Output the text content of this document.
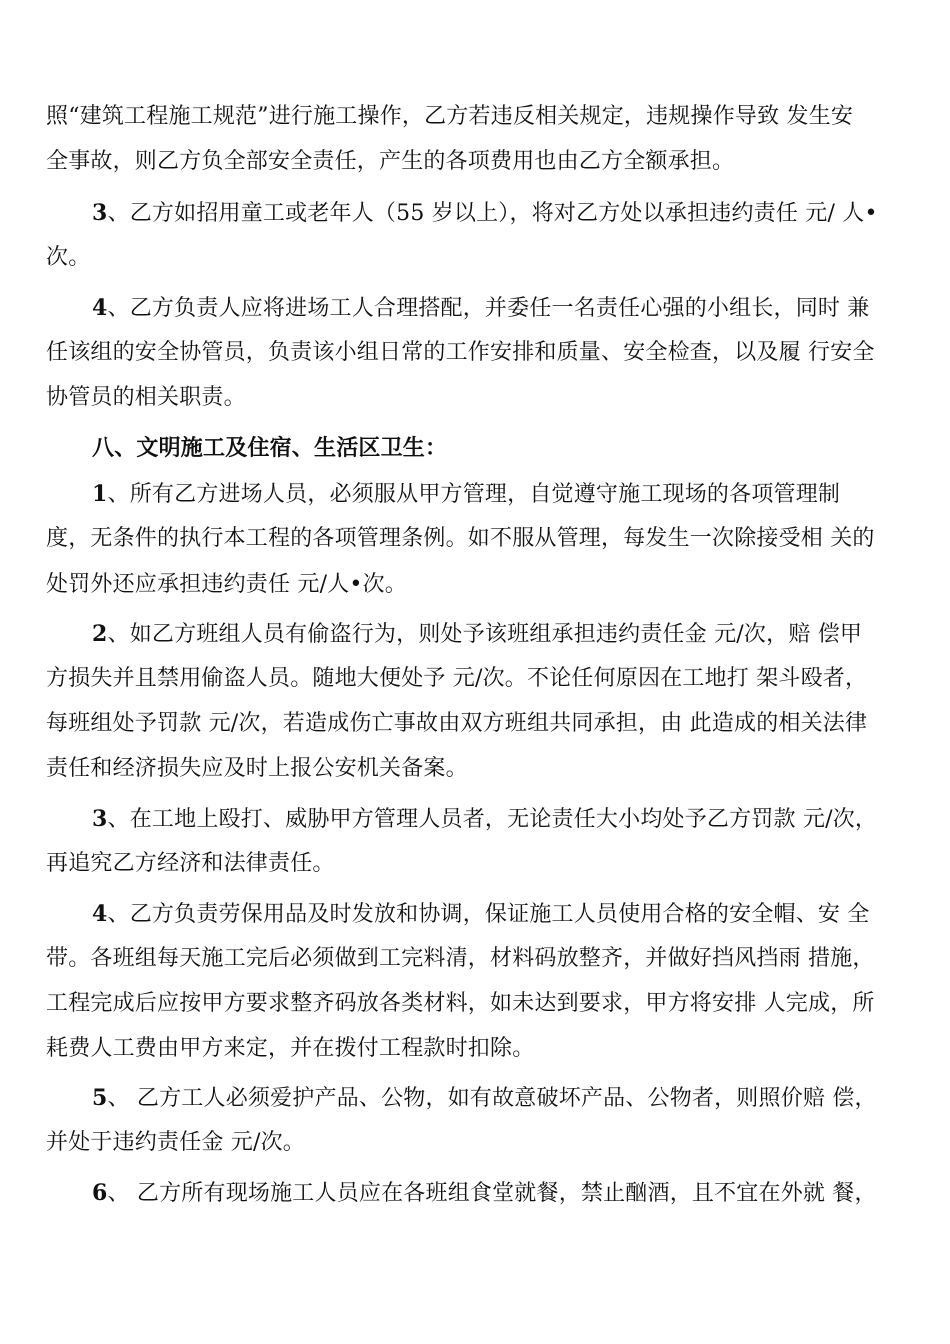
照“建筑工程施工规范”进行施工操作，乙方若违反相关规定，违规操作导致 发生安
全事故，则乙方负全部安全责任，产生的各项费用也由乙方全额承担。
3、乙方如招用童工或老年人（55 岁以上），将对乙方处以承担违约责任 元/ 人•
次。
4、乙方负责人应将进场工人合理搭配，并委任一名责任心强的小组长，同时 兼
任该组的安全协管员，负责该小组日常的工作安排和质量、安全检查，以及履 行安全
协管员的相关职责。
八、文明施工及住宿、生活区卫生：
1、所有乙方进场人员，必须服从甲方管理，自觉遵守施工现场的各项管理制
度，无条件的执行本工程的各项管理条例。如不服从管理，每发生一次除接受相 关的
处罚外还应承担违约责任 元/人•次。
2、如乙方班组人员有偷盗行为，则处予该班组承担违约责任金 元/次，赔 偿甲
方损失并且禁用偷盗人员。随地大便处予 元/次。不论任何原因在工地打 架斗殴者，
每班组处予罚款 元/次，若造成伤亡事故由双方班组共同承担，由 此造成的相关法律
责任和经济损失应及时上报公安机关备案。
3、在工地上殴打、威胁甲方管理人员者，无论责任大小均处予乙方罚款 元/次，
再追究乙方经济和法律责任。
4、乙方负责劳保用品及时发放和协调，保证施工人员使用合格的安全帽、安 全
带。各班组每天施工完后必须做到工完料清，材料码放整齐，并做好挡风挡雨 措施，
工程完成后应按甲方要求整齐码放各类材料，如未达到要求，甲方将安排 人完成，所
耗费人工费由甲方来定，并在拨付工程款时扣除。
5、 乙方工人必须爱护产品、公物，如有故意破坏产品、公物者，则照价赔 偿，
并处于违约责任金 元/次。
6、 乙方所有现场施工人员应在各班组食堂就餐，禁止酗酒，且不宜在外就 餐，
